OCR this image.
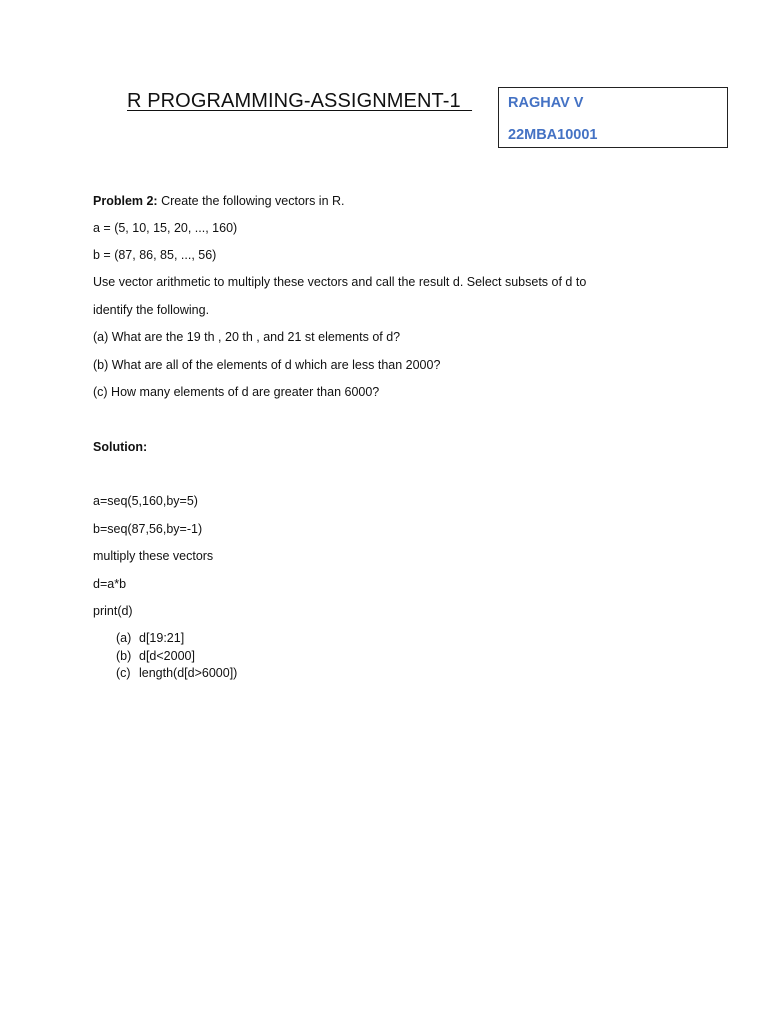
R PROGRAMMING-ASSIGNMENT-1 RAGHAV V
22MBA10001
Problem 2: Create the following vectors in R.
a = (5, 10, 15, 20, ..., 160)
b = (87, 86, 85, ..., 56)
Use vector arithmetic to multiply these vectors and call the result d. Select subsets of d to
identify the following.
(a) What are the 19 th , 20 th , and 21 st elements of d?
(b) What are all of the elements of d which are less than 2000?
(c) How many elements of d are greater than 6000?
Solution:
a=seq(5,160,by=5)
b=seq(87,56,by=-1)
multiply these vectors
d=a*b
print(d)
(a) d[19:21]
(b) d[d<2000]
(c) length(d[d>6000])
